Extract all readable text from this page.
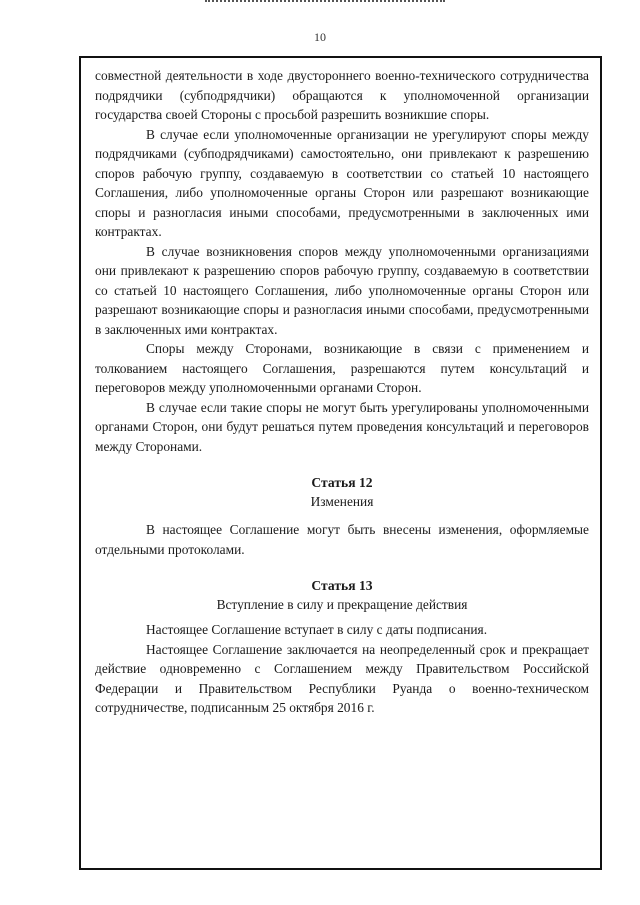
10

совместной деятельности в ходе двустороннего военно-технического сотрудничества подрядчики (субподрядчики) обращаются к уполномоченной организации государства своей Стороны с просьбой разрешить возникшие споры.

В случае если уполномоченные организации не урегулируют споры между подрядчиками (субподрядчиками) самостоятельно, они привлекают к разрешению споров рабочую группу, создаваемую в соответствии со статьей 10 настоящего Соглашения, либо уполномоченные органы Сторон или разрешают возникающие споры и разногласия иными способами, предусмотренными в заключенных ими контрактах.

В случае возникновения споров между уполномоченными организациями они привлекают к разрешению споров рабочую группу, создаваемую в соответствии со статьей 10 настоящего Соглашения, либо уполномоченные органы Сторон или разрешают возникающие споры и разногласия иными способами, предусмотренными в заключенных ими контрактах.

Споры между Сторонами, возникающие в связи с применением и толкованием настоящего Соглашения, разрешаются путем консультаций и переговоров между уполномоченными органами Сторон.

В случае если такие споры не могут быть урегулированы уполномоченными органами Сторон, они будут решаться путем проведения консультаций и переговоров между Сторонами.

Статья 12
Изменения

В настоящее Соглашение могут быть внесены изменения, оформляемые отдельными протоколами.

Статья 13
Вступление в силу и прекращение действия

Настоящее Соглашение вступает в силу с даты подписания.

Настоящее Соглашение заключается на неопределенный срок и прекращает действие одновременно с Соглашением между Правительством Российской Федерации и Правительством Республики Руанда о военно-техническом сотрудничестве, подписанным 25 октября 2016 г.
